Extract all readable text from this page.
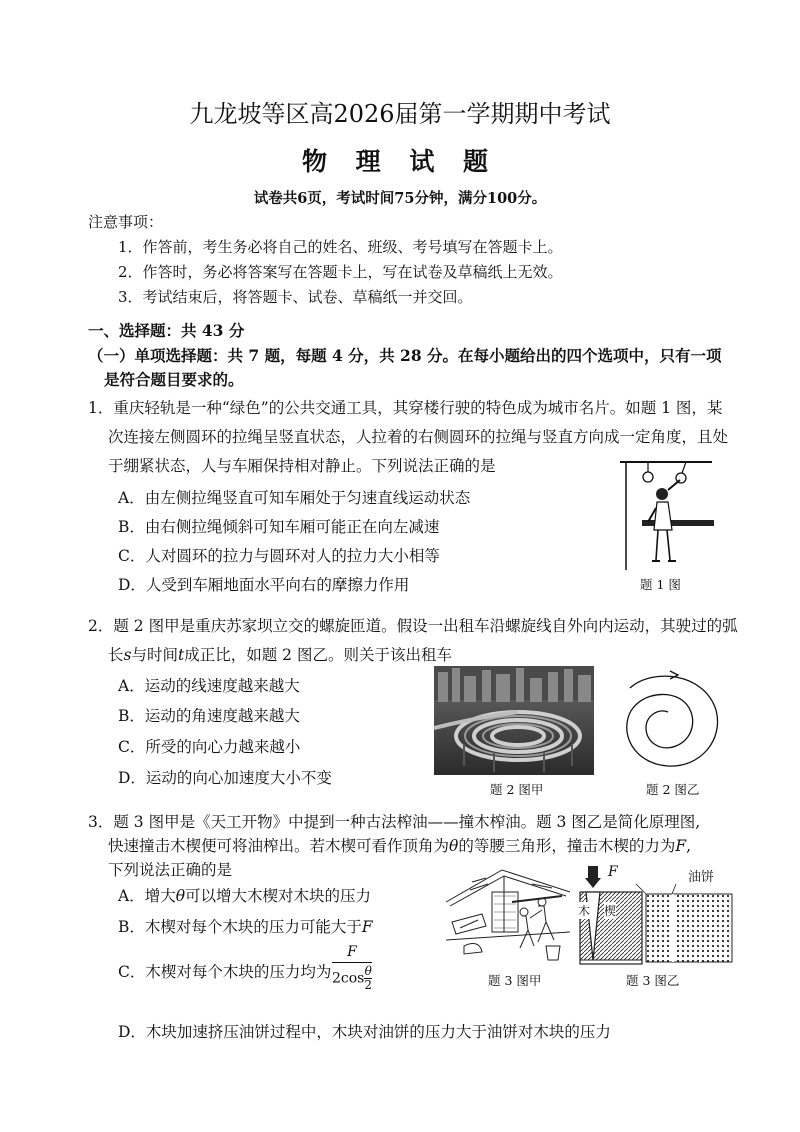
九龙坡等区高2026届第一学期期中考试
物 理 试 题
试卷共6页，考试时间75分钟，满分100分。
注意事项：
1．作答前，考生务必将自己的姓名、班级、考号填写在答题卡上。
2．作答时，务必将答案写在答题卡上，写在试卷及草稿纸上无效。
3．考试结束后，将答题卡、试卷、草稿纸一并交回。
一、选择题：共 43 分
（一）单项选择题：共 7 题，每题 4 分，共 28 分。在每小题给出的四个选项中，只有一项
是符合题目要求的。
1．重庆轻轨是一种“绿色”的公共交通工具，其穿楼行驶的特色成为城市名片。如题 1 图，某
次连接左侧圆环的拉绳呈竖直状态，人拉着的右侧圆环的拉绳与竖直方向成一定角度，且处
于绷紧状态，人与车厢保持相对静止。下列说法正确的是
A．由左侧拉绳竖直可知车厢处于匀速直线运动状态
B．由右侧拉绳倾斜可知车厢可能正在向左减速
C．人对圆环的拉力与圆环对人的拉力大小相等
D．人受到车厢地面水平向右的摩擦力作用	题 1 图
2．题 2 图甲是重庆苏家坝立交的螺旋匝道。假设一出租车沿螺旋线自外向内运动，其驶过的弧
长s与时间t成正比，如题 2 图乙。则关于该出租车
A．运动的线速度越来越大
B．运动的角速度越来越大
C．所受的向心力越来越小
D．运动的向心加速度大小不变
题 2 图甲	题 2 图乙
3．题 3 图甲是《天工开物》中提到一种古法榨油——撞木榨油。题 3 图乙是简化原理图,
快速撞击木楔便可将油榨出。若木楔可看作顶角为θ的等腰三角形，撞击木楔的力为F,
下列说法正确的是
A．增大θ可以增大木楔对木块的压力
B．木楔对每个木块的压力可能大于F
C．木楔对每个木块的压力均为
F
$2\cos\frac{\theta}{2}$
D．木块加速挤压油饼过程中，木块对油饼的压力大于油饼对木块的压力
题 3 图甲
F	油饼
木 楔
题 3 图乙
